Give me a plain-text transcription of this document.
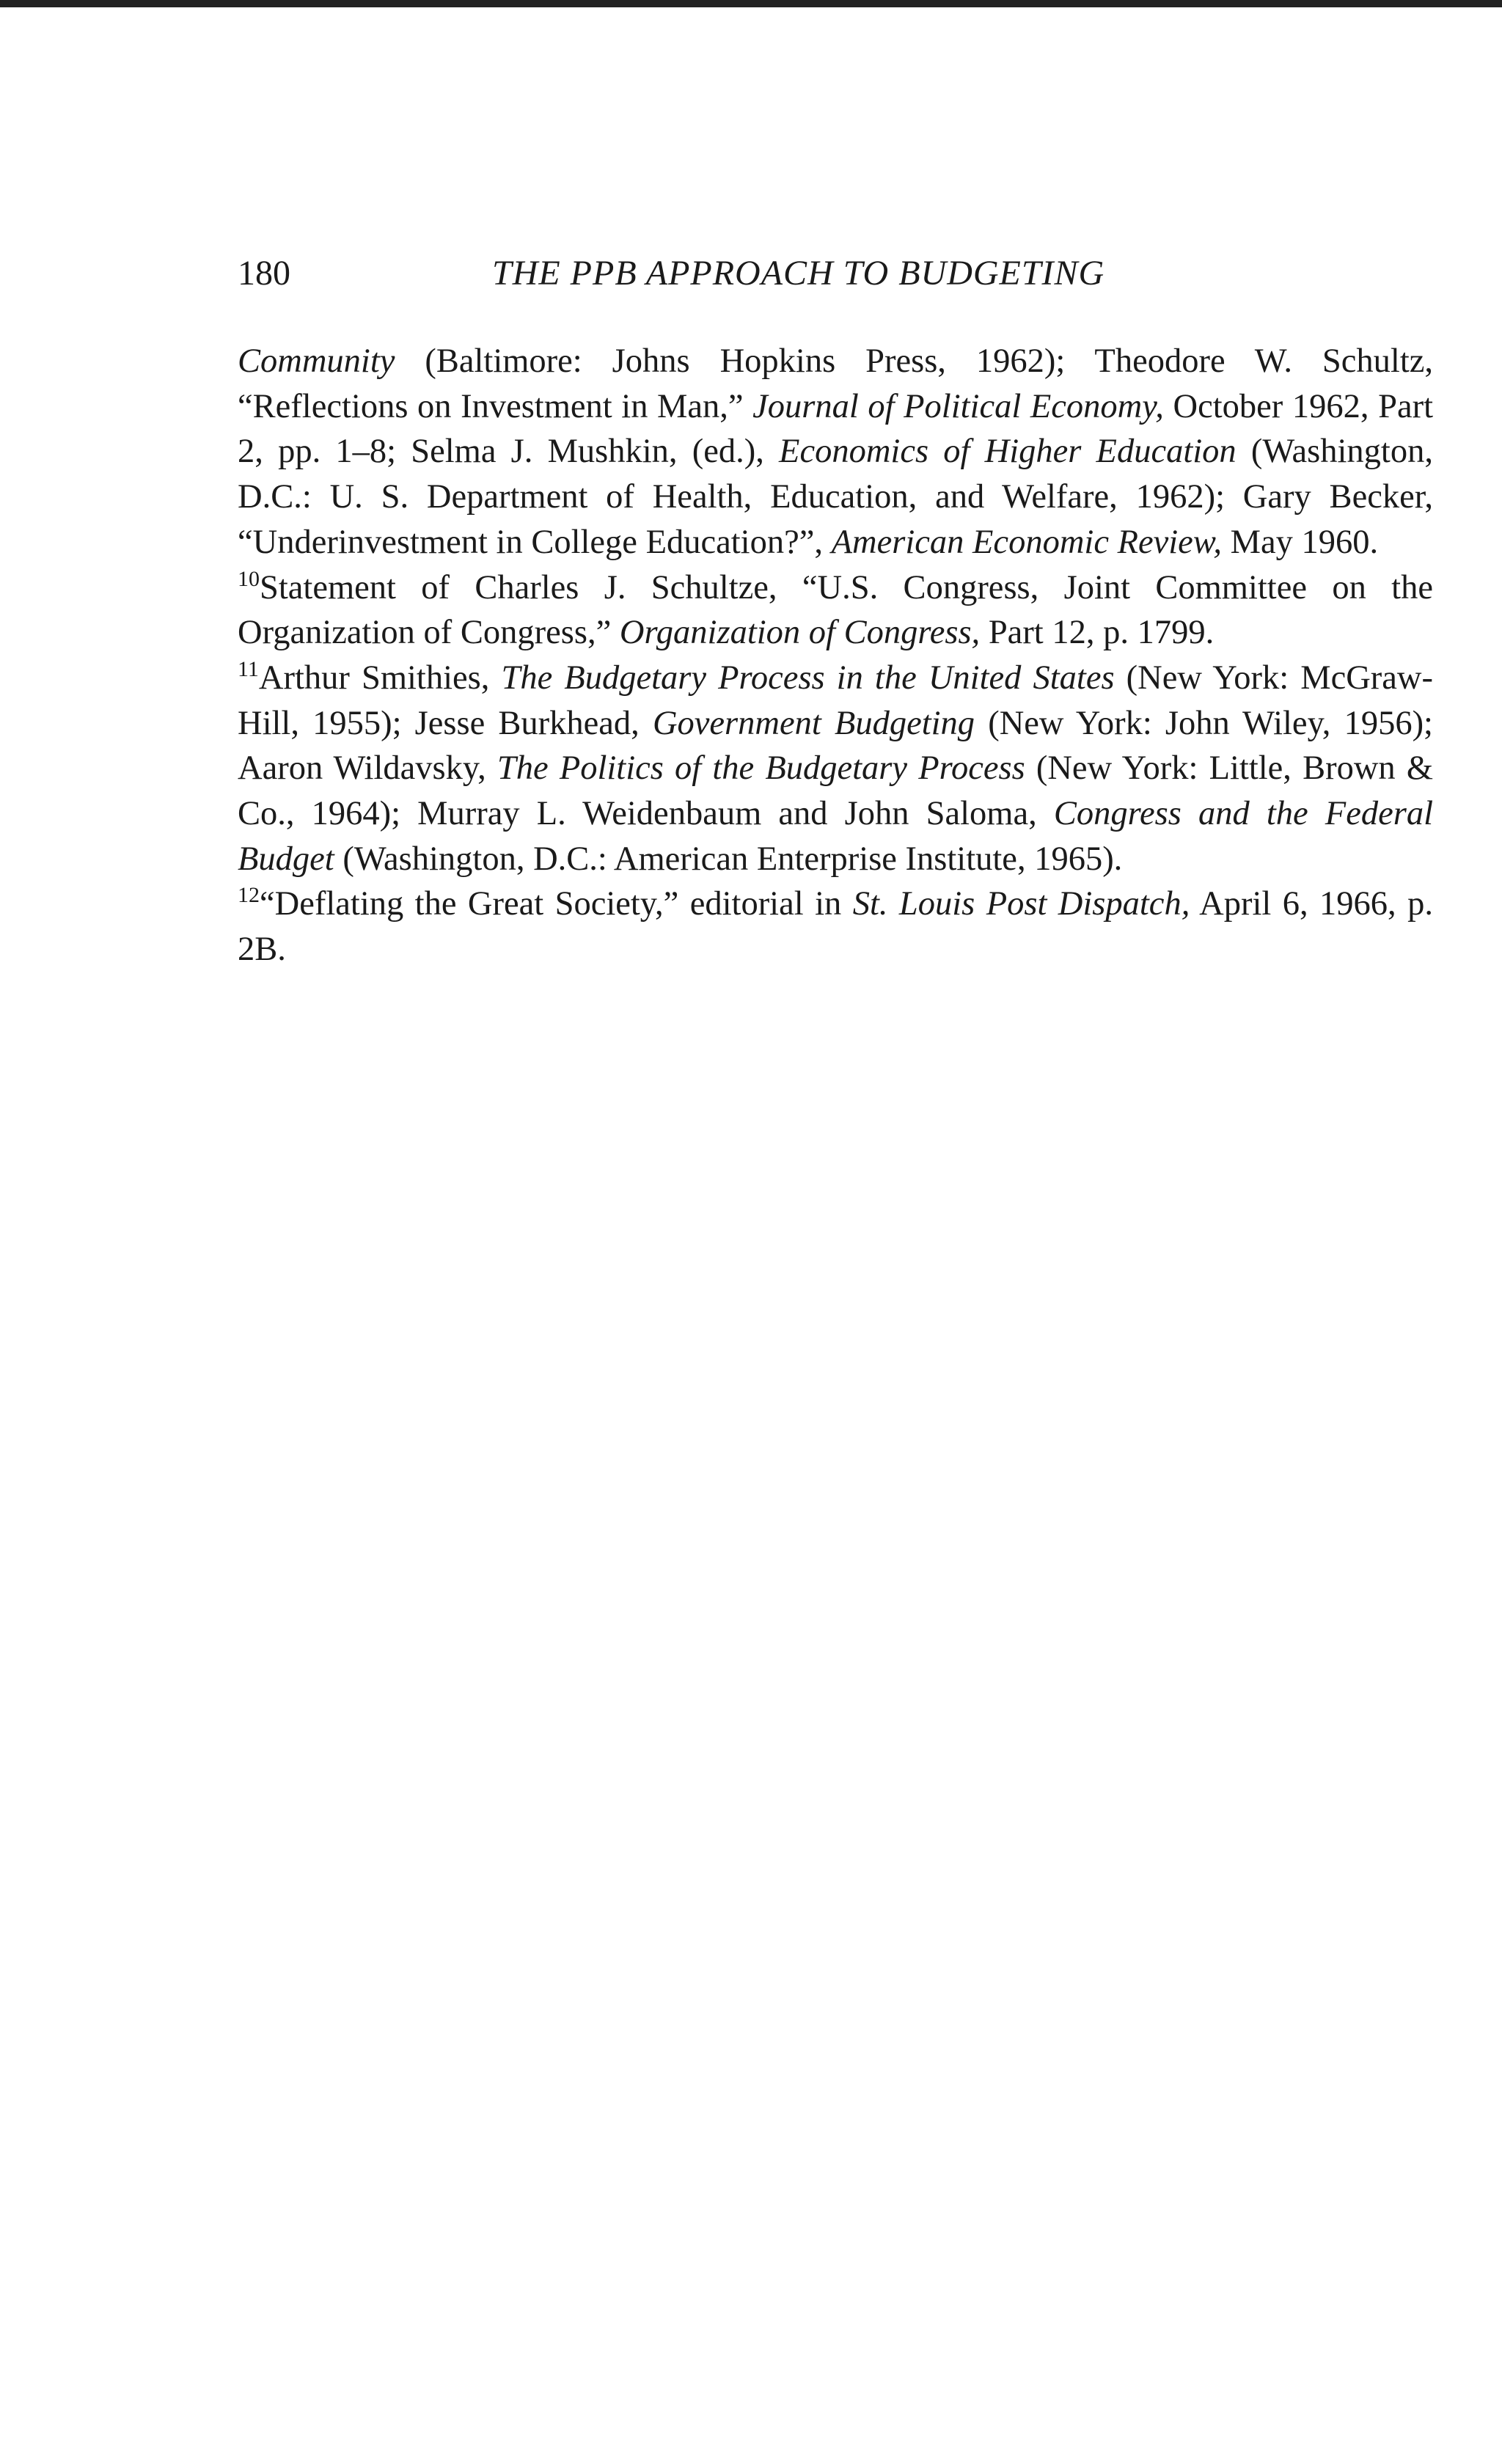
180	THE PPB APPROACH TO BUDGETING

Community (Baltimore: Johns Hopkins Press, 1962); Theodore W. Schultz, “Reflections on Investment in Man,” Journal of Political Economy, October 1962, Part 2, pp. 1–8; Selma J. Mushkin, (ed.), Economics of Higher Education (Washington, D.C.: U. S. Department of Health, Education, and Welfare, 1962); Gary Becker, “Underinvestment in College Education?”, American Economic Review, May 1960.

$^{10}$Statement of Charles J. Schultze, “U.S. Congress, Joint Committee on the Organization of Congress,” Organization of Congress, Part 12, p. 1799.

$^{11}$Arthur Smithies, The Budgetary Process in the United States (New York: McGraw-Hill, 1955); Jesse Burkhead, Government Budgeting (New York: John Wiley, 1956); Aaron Wildavsky, The Politics of the Budgetary Process (New York: Little, Brown & Co., 1964); Murray L. Weidenbaum and John Saloma, Congress and the Federal Budget (Washington, D.C.: American Enterprise Institute, 1965).

$^{12}$“Deflating the Great Society,” editorial in St. Louis Post Dispatch, April 6, 1966, p. 2B.
